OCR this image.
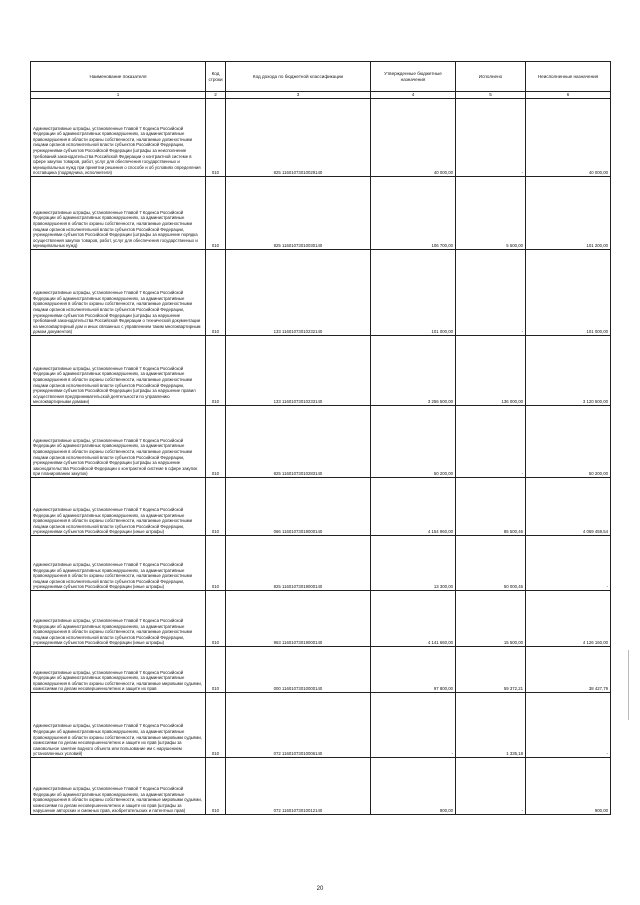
Наименование показателя	Код строки	Код дохода по бюджетной классификации	Утвержденные бюджетные назначения	Исполнено	Неисполненные назначения
1	2	3	4	5	6
Административные штрафы, установленные Главой 7 Кодекса Российской Федерации об административных правонарушениях, за административные правонарушения в области охраны собственности, налагаемые должностными лицами органов исполнительной власти субъектов Российской Федерации, учреждениями субъектов Российской Федерации (штрафы за неисполнение требований законодательства Российской Федерации о контрактной системе в сфере закупок товаров, работ, услуг для обеспечения государственных и муниципальных нужд при принятии решения о способе и об условиях определения поставщика (подрядчика, исполнителя)	010	825 11601073010029140	40 000,00	-	40 000,00
Административные штрафы, установленные Главой 7 Кодекса Российской Федерации об административных правонарушениях, за административные правонарушения в области охраны собственности, налагаемые должностными лицами органов исполнительной власти субъектов Российской Федерации, учреждениями субъектов Российской Федерации (штрафы за нарушение порядка осуществления закупок товаров, работ, услуг для обеспечения государственных и муниципальных нужд)	010	825 11601073010030140	106 700,00	5 500,00	101 200,00
Административные штрафы, установленные Главой 7 Кодекса Российской Федерации об административных правонарушениях, за административные правонарушения в области охраны собственности, налагаемые должностными лицами органов исполнительной власти субъектов Российской Федерации, учреждениями субъектов Российской Федерации (штрафы за нарушение требований законодательства Российской Федерации о технической документации на многоквартирный дом и иных связанных с управлением таким многоквартирным домом документов)	010	133 11601073010232140	101 000,00	-	101 000,00
Административные штрафы, установленные Главой 7 Кодекса Российской Федерации об административных правонарушениях, за административные правонарушения в области охраны собственности, налагаемые должностными лицами органов исполнительной власти субъектов Российской Федерации, учреждениями субъектов Российской Федерации (штрафы за нарушение правил осуществления предпринимательской деятельности по управлению многоквартирными домами)	010	133 11601073010233140	3 256 500,00	136 000,00	3 120 500,00
Административные штрафы, установленные Главой 7 Кодекса Российской Федерации об административных правонарушениях, за административные правонарушения в области охраны собственности, налагаемые должностными лицами органов исполнительной власти субъектов Российской Федерации, учреждениями субъектов Российской Федерации (штрафы за нарушение законодательства Российской Федерации о контрактной системе в сфере закупок при планировании закупок)	010	825 11601073010283140	50 200,00	-	50 200,00
Административные штрафы, установленные Главой 7 Кодекса Российской Федерации об административных правонарушениях, за административные правонарушения в области охраны собственности, налагаемые должностными лицами органов исполнительной власти субъектов Российской Федерации, учреждениями субъектов Российской Федерации (иные штрафы)	010	066 11601073019000140	4 154 960,00	85 500,46	4 069 459,54
Административные штрафы, установленные Главой 7 Кодекса Российской Федерации об административных правонарушениях, за административные правонарушения в области охраны собственности, налагаемые должностными лицами органов исполнительной власти субъектов Российской Федерации, учреждениями субъектов Российской Федерации (иные штрафы)	010	825 11601073019000140	13 300,00	50 000,46	-
Административные штрафы, установленные Главой 7 Кодекса Российской Федерации об административных правонарушениях, за административные правонарушения в области охраны собственности, налагаемые должностными лицами органов исполнительной власти субъектов Российской Федерации, учреждениями субъектов Российской Федерации (иные штрафы)	010	963 11601073019000140	4 141 660,00	15 500,00	4 126 160,00
Административные штрафы, установленные Главой 7 Кодекса Российской Федерации об административных правонарушениях, за административные правонарушения в области охраны собственности, налагаемые мировыми судьями, комиссиями по делам несовершеннолетних и защите их прав	010	000 11601073010000140	97 800,00	59 372,21	38 427,79
Административные штрафы, установленные Главой 7 Кодекса Российской Федерации об административных правонарушениях, за административные правонарушения в области охраны собственности, налагаемые мировыми судьями, комиссиями по делам несовершеннолетних и защите их прав (штрафы за самовольное занятие водного объекта или пользование им с нарушением установленных условий)	010	072 11601073010006140	-	1 335,18	-
Административные штрафы, установленные Главой 7 Кодекса Российской Федерации об административных правонарушениях, за административные правонарушения в области охраны собственности, налагаемые мировыми судьями, комиссиями по делам несовершеннолетних и защите их прав (штрафы за нарушение авторских и смежных прав, изобретательских и патентных прав)	010	072 11601073010012140	900,00	-	900,00
20
